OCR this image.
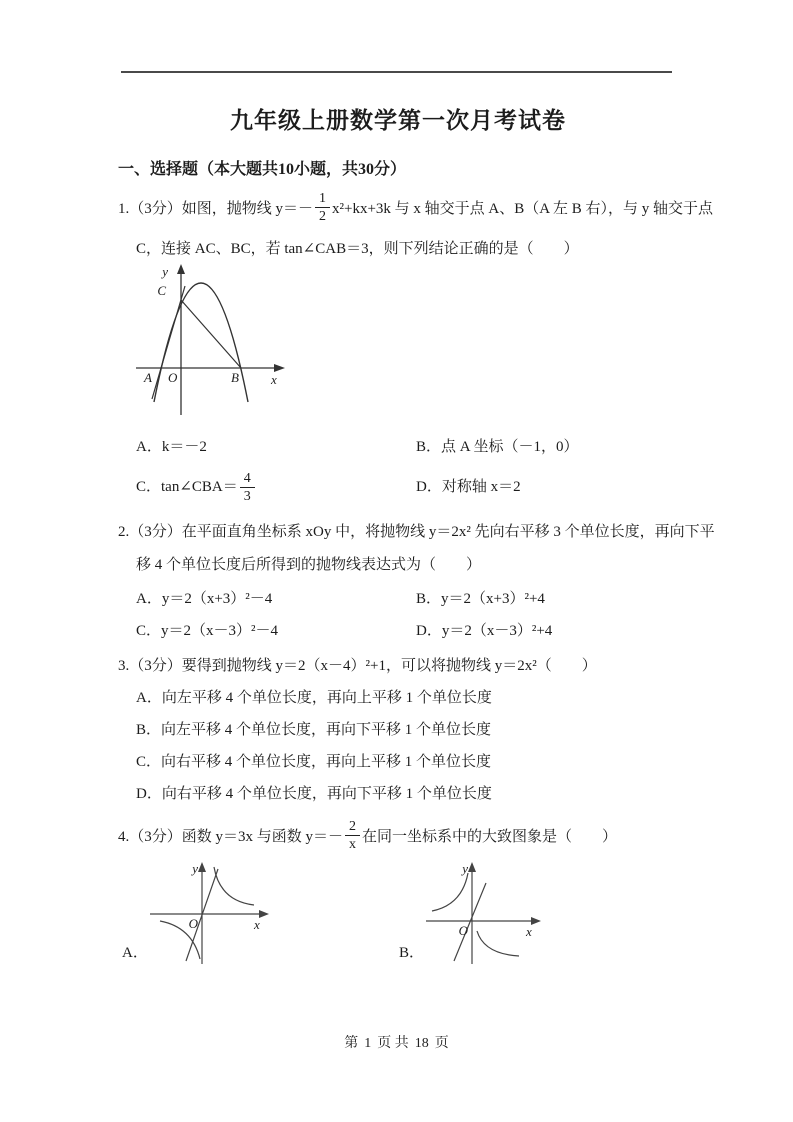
九年级上册数学第一次月考试卷
一、选择题（本大题共10小题，共30分）
1.（3分）如图，抛物线 $y=- \frac{1}{2} x^2+kx+3k$ 与 x 轴交于点 A、B（A 左 B 右），与 y 轴交于点
C，连接 AC、BC，若 tan∠CAB＝3，则下列结论正确的是（　　）
y
x
A O	B
C
A．k＝－2	B．点 A 坐标（－1，0）
C．tan∠CBA＝ $\frac{4}{3}$	D．对称轴 x＝2
2.（3分）在平面直角坐标系 xOy 中，将抛物线 y＝2x² 先向右平移 3 个单位长度，再向下平
移 4 个单位长度后所得到的抛物线表达式为（　　）
A．y＝2（x+3）²－4	B．y＝2（x+3）²+4
C．y＝2（x－3）²－4	D．y＝2（x－3）²+4
3.（3分）要得到抛物线 y＝2（x－4）²+1，可以将抛物线 y＝2x²（　　）
A．向左平移 4 个单位长度，再向上平移 1 个单位长度
B．向左平移 4 个单位长度，再向下平移 1 个单位长度
C．向右平移 4 个单位长度，再向上平移 1 个单位长度
D．向右平移 4 个单位长度，再向下平移 1 个单位长度
4.（3分）函数 y＝3x 与函数 $y=- \frac{2}{x}$ 在同一坐标系中的大致图象是（　　）
A．
y
x
O
B．
y
x
O
第 1 页 共 18 页
